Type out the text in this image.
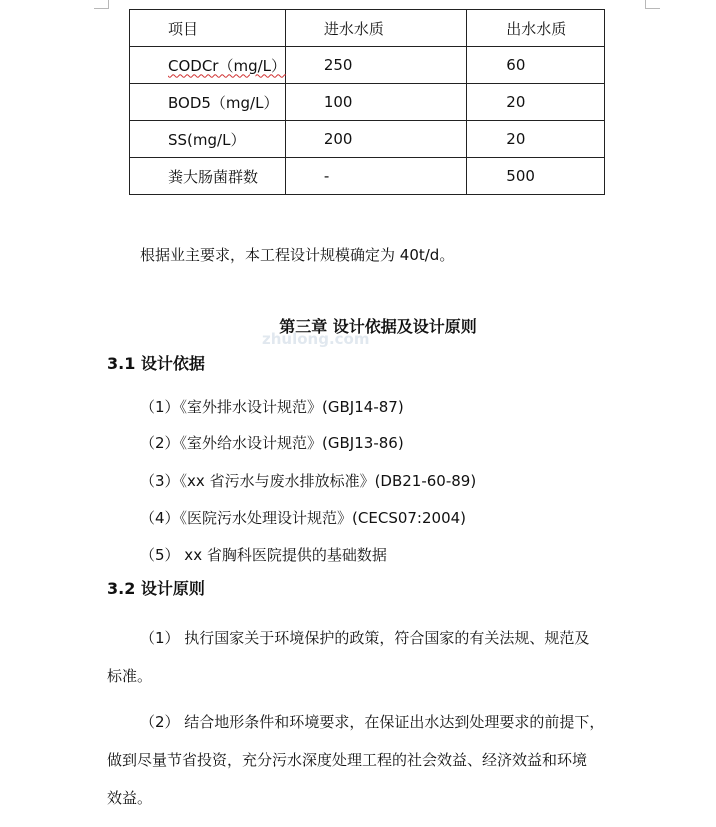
项目	进水水质	出水水质
CODCr（mg/L）	250	60
BOD5（mg/L）	100	20
SS(mg/L）	200	20
粪大肠菌群数	-	500
根据业主要求，本工程设计规模确定为 40t/d。
第三章 设计依据及设计原则
zhulong.com
3.1 设计依据
（1）《室外排水设计规范》(GBJ14-87)
（2）《室外给水设计规范》(GBJ13-86)
（3）《xx 省污水与废水排放标准》(DB21-60-89)
（4）《医院污水处理设计规范》(CECS07:2004)
（5） xx 省胸科医院提供的基础数据
3.2 设计原则
（1） 执行国家关于环境保护的政策，符合国家的有关法规、规范及
标准。
（2） 结合地形条件和环境要求，在保证出水达到处理要求的前提下，
做到尽量节省投资，充分污水深度处理工程的社会效益、经济效益和环境
效益。
